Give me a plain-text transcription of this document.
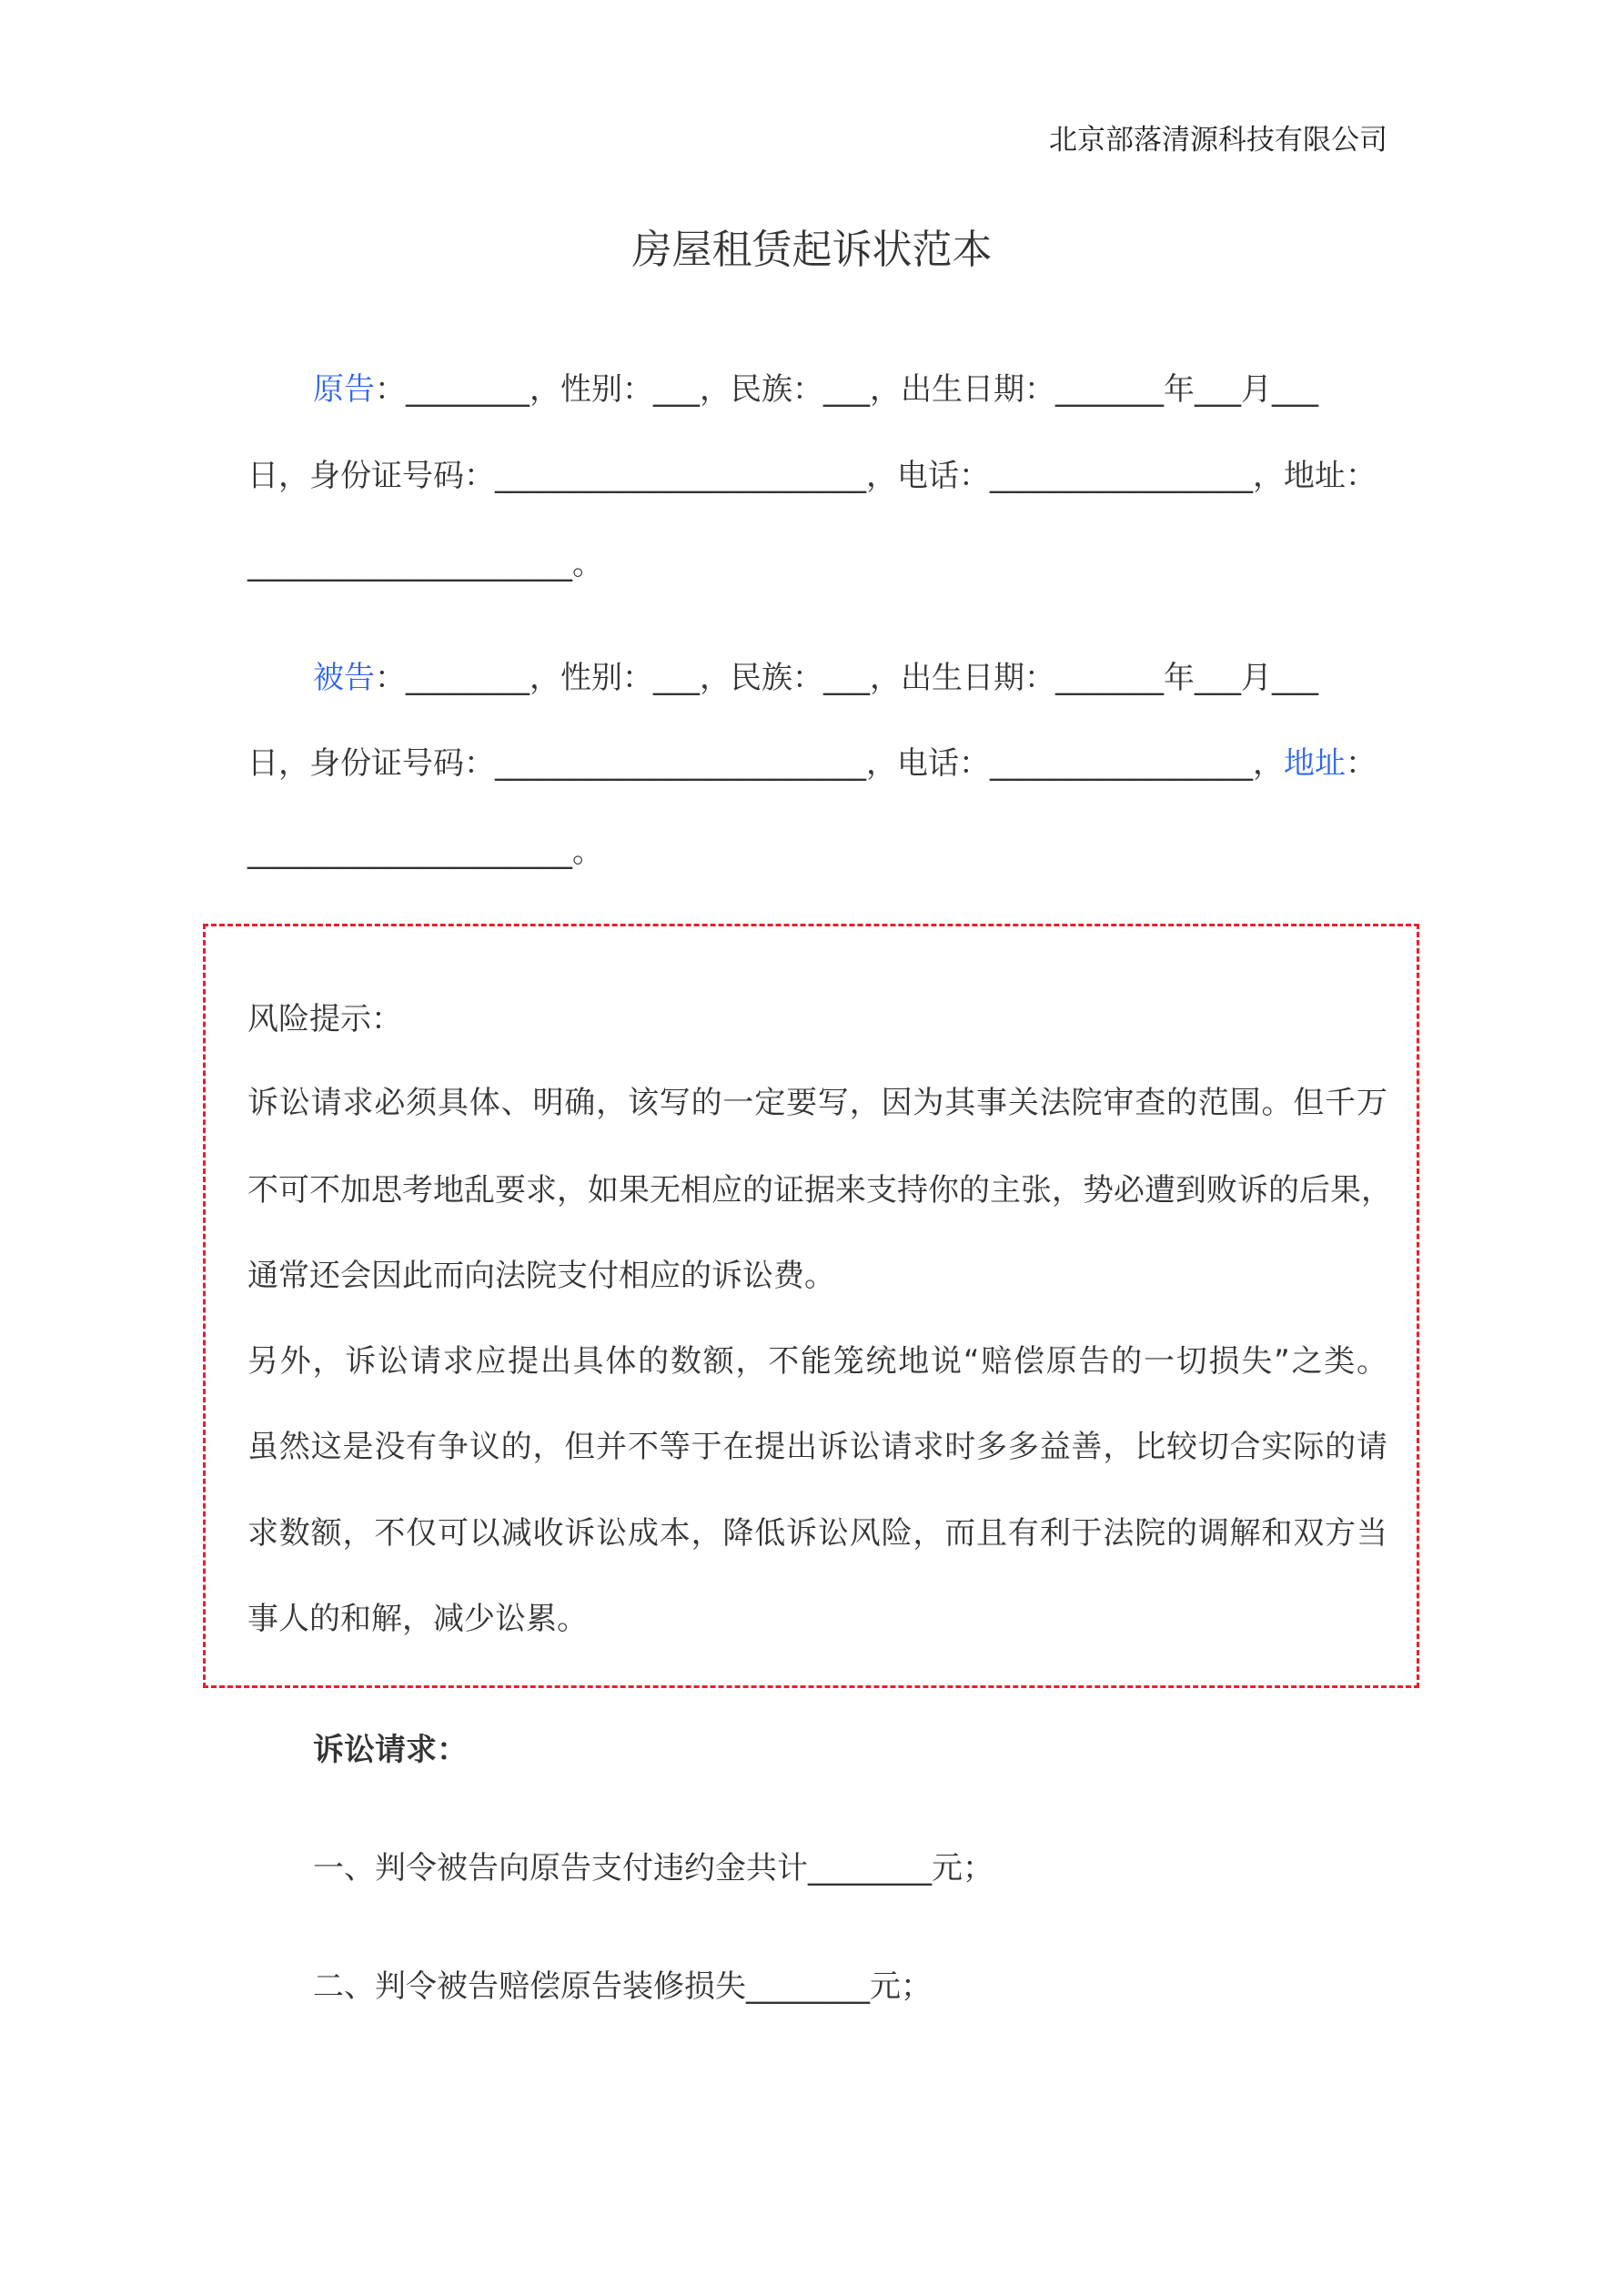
北京部落清源科技有限公司
房屋租赁起诉状范本
原告：________，性别：___，民族：___，出生日期：_______年___月___
日，身份证号码：________________________，电话：_________________，地址：
_____________________。
被告：________，性别：___，民族：___，出生日期：_______年___月___
日，身份证号码：________________________，电话：_________________，地址：
_____________________。
风险提示：
诉讼请求必须具体、明确，该写的一定要写，因为其事关法院审查的范围。但千万
不可不加思考地乱要求，如果无相应的证据来支持你的主张，势必遭到败诉的后果，
通常还会因此而向法院支付相应的诉讼费。
另外，诉讼请求应提出具体的数额，不能笼统地说“赔偿原告的一切损失”之类。
虽然这是没有争议的，但并不等于在提出诉讼请求时多多益善，比较切合实际的请
求数额，不仅可以减收诉讼成本，降低诉讼风险，而且有利于法院的调解和双方当
事人的和解，减少讼累。
诉讼请求：
一、判令被告向原告支付违约金共计________元；
二、判令被告赔偿原告装修损失________元；
